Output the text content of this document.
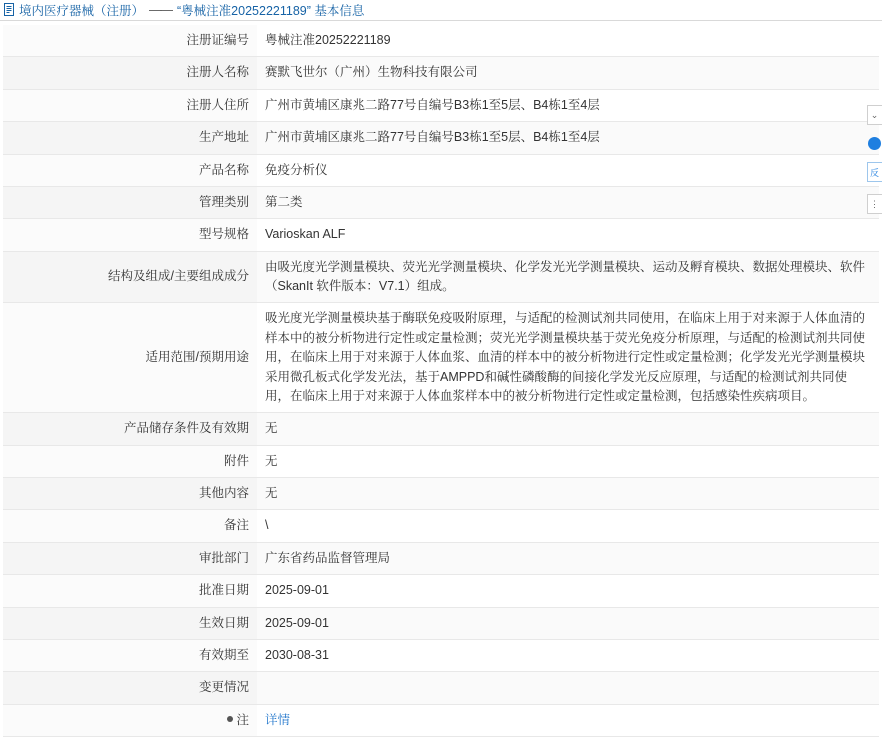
境内医疗器械（注册） —— “粤械注准20252221189”
基本信息
注册证编号	粤械注准20252221189
注册人名称	赛默飞世尔（广州）生物科技有限公司
注册人住所	广州市黄埔区康兆二路77号自编号B3栋1至5层、B4栋1至4层
生产地址	广州市黄埔区康兆二路77号自编号B3栋1至5层、B4栋1至4层
产品名称	免疫分析仪
管理类别	第二类
型号规格	Varioskan ALF
结构及组成/主要组成成分	由吸光度光学测量模块、荧光光学测量模块、化学发光光学测量模块、运动及孵育模块、数据处理模块、软件（SkanIt 软件版本：V7.1）组成。
适用范围/预期用途	吸光度光学测量模块基于酶联免疫吸附原理，与适配的检测试剂共同使用，在临床上用于对来源于人体血清的样本中的被分析物进行定性或定量检测；荧光光学测量模块基于荧光免疫分析原理，与适配的检测试剂共同使用，在临床上用于对来源于人体血浆、血清的样本中的被分析物进行定性或定量检测；化学发光光学测量模块采用微孔板式化学发光法，基于AMPPD和碱性磷酸酶的间接化学发光反应原理，与适配的检测试剂共同使用，在临床上用于对来源于人体血浆样本中的被分析物进行定性或定量检测，包括感染性疾病项目。
产品储存条件及有效期	无
附件	无
其他内容	无
备注	\
审批部门	广东省药品监督管理局
批准日期	2025-09-01
生效日期	2025-09-01
有效期至	2030-08-31
变更情况	
注	详情
⌄
反
⋮
